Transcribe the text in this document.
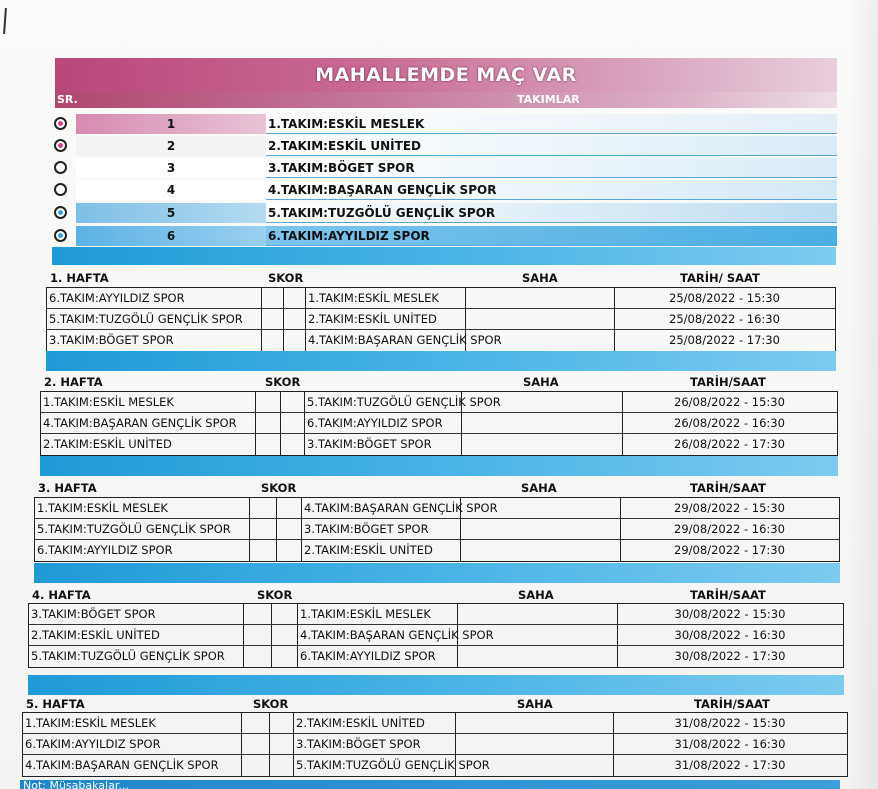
MAHALLEMDE MAÇ VAR
SR.	TAKIMLAR
1	1.TAKIM:ESKİL MESLEK
2	2.TAKIM:ESKİL UNİTED
3	3.TAKIM:BÖGET SPOR
4	4.TAKIM:BAŞARAN GENÇLİK SPOR
5	5.TAKIM:TUZGÖLÜ GENÇLİK SPOR
6	6.TAKIM:AYYILDIZ SPOR
1. HAFTA	SKOR	SAHA	TARİH/ SAAT
6.TAKIM:AYYILDIZ SPOR	1.TAKIM:ESKİL MESLEK	25/08/2022 - 15:30
5.TAKIM:TUZGÖLÜ GENÇLİK SPOR	2.TAKIM:ESKİL UNİTED	25/08/2022 - 16:30
3.TAKIM:BÖGET SPOR	4.TAKIM:BAŞARAN GENÇLİK SPOR	25/08/2022 - 17:30
2. HAFTA	SKOR	SAHA	TARİH/SAAT
1.TAKIM:ESKİL MESLEK	5.TAKIM:TUZGÖLÜ GENÇLİK SPOR	26/08/2022 - 15:30
4.TAKIM:BAŞARAN GENÇLİK SPOR	6.TAKIM:AYYILDIZ SPOR	26/08/2022 - 16:30
2.TAKIM:ESKİL UNİTED	3.TAKIM:BÖGET SPOR	26/08/2022 - 17:30
3. HAFTA	SKOR	SAHA	TARİH/SAAT
1.TAKIM:ESKİL MESLEK	4.TAKIM:BAŞARAN GENÇLİK SPOR	29/08/2022 - 15:30
5.TAKIM:TUZGÖLÜ GENÇLİK SPOR	3.TAKIM:BÖGET SPOR	29/08/2022 - 16:30
6.TAKIM:AYYILDIZ SPOR	2.TAKIM:ESKİL UNİTED	29/08/2022 - 17:30
4. HAFTA	SKOR	SAHA	TARİH/SAAT
3.TAKIM:BÖGET SPOR	1.TAKIM:ESKİL MESLEK	30/08/2022 - 15:30
2.TAKIM:ESKİL UNİTED	4.TAKIM:BAŞARAN GENÇLİK SPOR	30/08/2022 - 16:30
5.TAKIM:TUZGÖLÜ GENÇLİK SPOR	6.TAKIM:AYYILDIZ SPOR	30/08/2022 - 17:30
5. HAFTA	SKOR	SAHA	TARİH/SAAT
1.TAKIM:ESKİL MESLEK	2.TAKIM:ESKİL UNİTED	31/08/2022 - 15:30
6.TAKIM:AYYILDIZ SPOR	3.TAKIM:BÖGET SPOR	31/08/2022 - 16:30
4.TAKIM:BAŞARAN GENÇLİK SPOR	5.TAKIM:TUZGÖLÜ GENÇLİK SPOR	31/08/2022 - 17:30
Not: Müsabakalar...
